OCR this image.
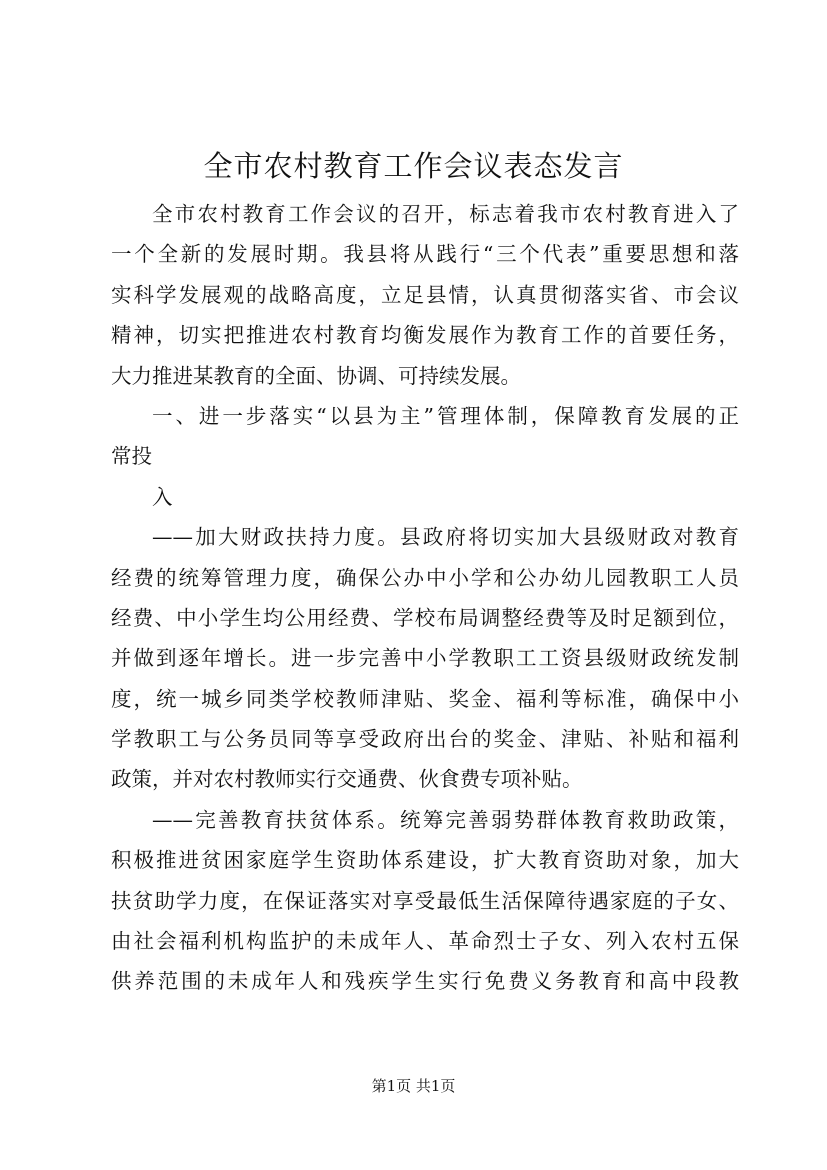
全市农村教育工作会议表态发言
全市农村教育工作会议的召开，标志着我市农村教育进入了
一个全新的发展时期。我县将从践行“三个代表”重要思想和落
实科学发展观的战略高度，立足县情，认真贯彻落实省、市会议
精神，切实把推进农村教育均衡发展作为教育工作的首要任务，
大力推进某教育的全面、协调、可持续发展。
一、进一步落实“以县为主”管理体制，保障教育发展的正
常投
入
——加大财政扶持力度。县政府将切实加大县级财政对教育
经费的统筹管理力度，确保公办中小学和公办幼儿园教职工人员
经费、中小学生均公用经费、学校布局调整经费等及时足额到位，
并做到逐年增长。进一步完善中小学教职工工资县级财政统发制
度，统一城乡同类学校教师津贴、奖金、福利等标准，确保中小
学教职工与公务员同等享受政府出台的奖金、津贴、补贴和福利
政策，并对农村教师实行交通费、伙食费专项补贴。
——完善教育扶贫体系。统筹完善弱势群体教育救助政策，
积极推进贫困家庭学生资助体系建设，扩大教育资助对象，加大
扶贫助学力度，在保证落实对享受最低生活保障待遇家庭的子女、
由社会福利机构监护的未成年人、革命烈士子女、列入农村五保
供养范围的未成年人和残疾学生实行免费义务教育和高中段教
第1页 共1页
